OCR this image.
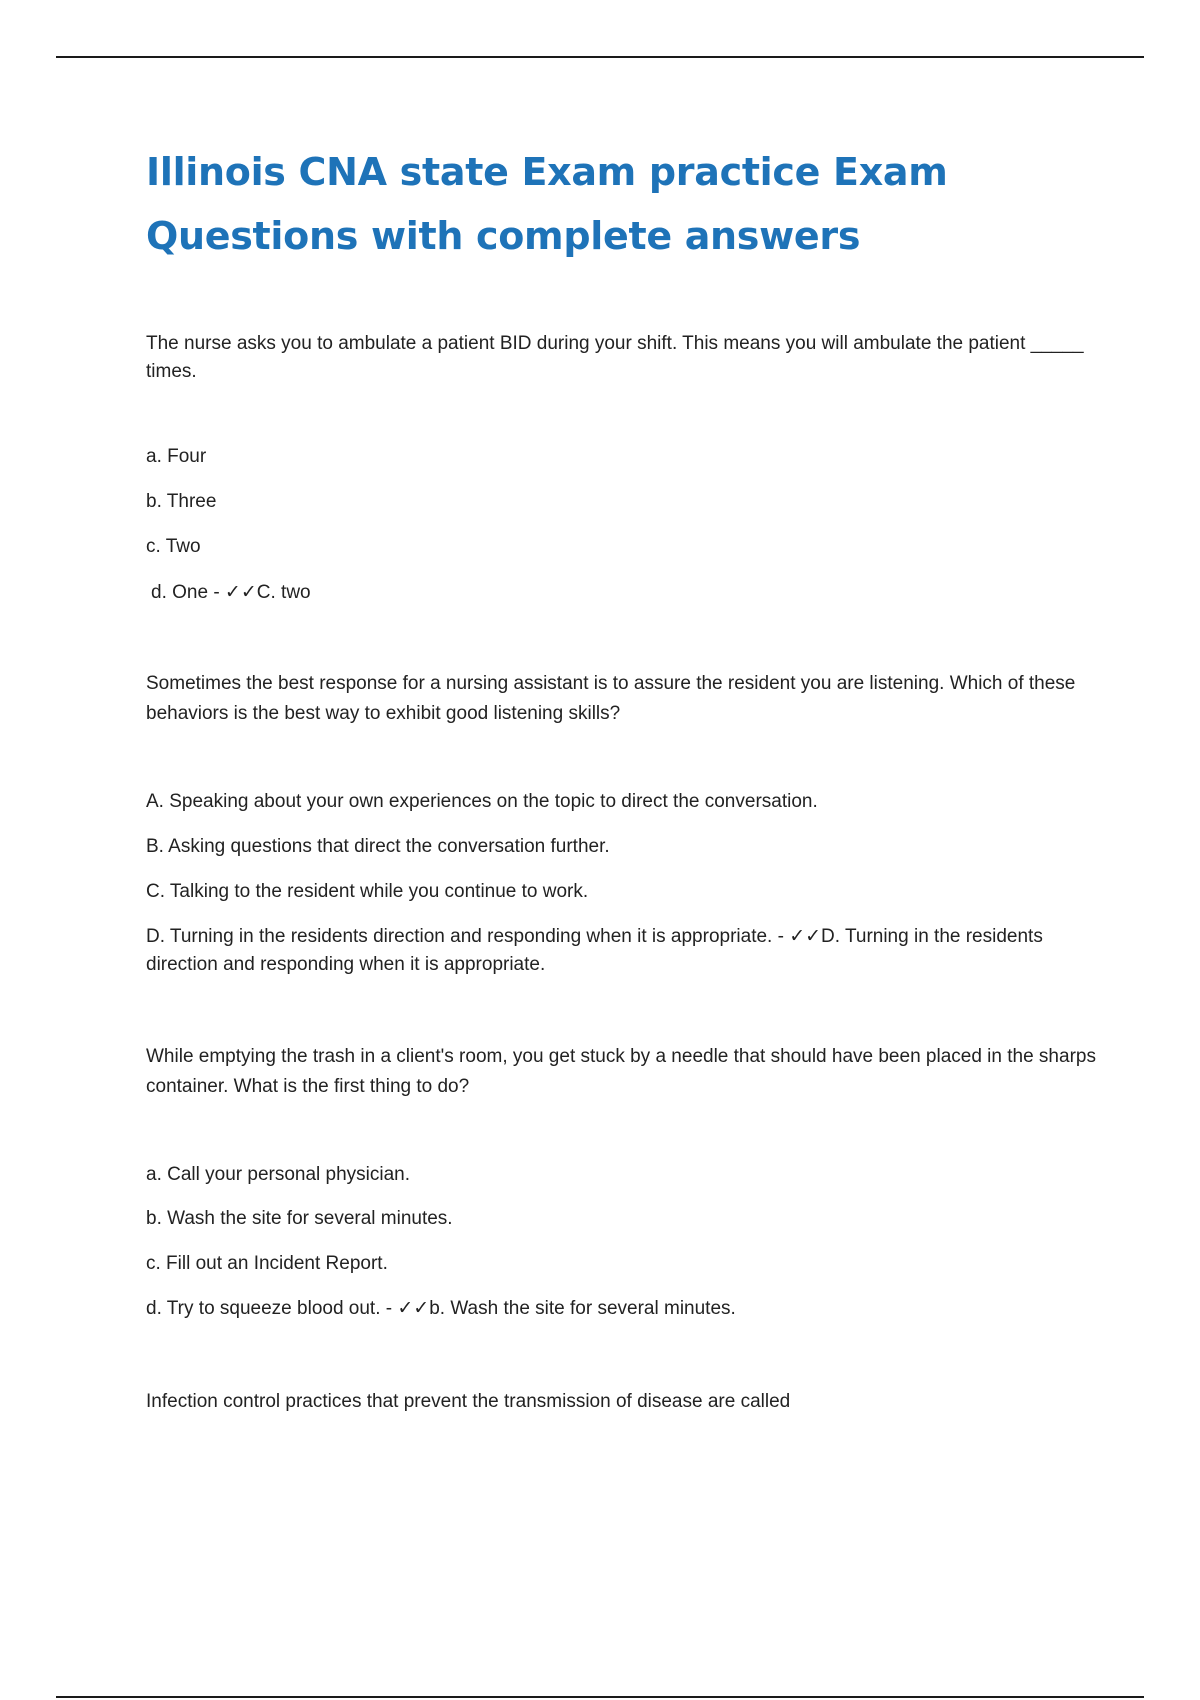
Illinois CNA state Exam practice Exam
Questions with complete answers

The nurse asks you to ambulate a patient BID during your shift. This means you will ambulate the patient _____ times.

a. Four
b. Three
c. Two
d. One - ✓✓C. two

Sometimes the best response for a nursing assistant is to assure the resident you are listening. Which of these behaviors is the best way to exhibit good listening skills?

A. Speaking about your own experiences on the topic to direct the conversation.
B. Asking questions that direct the conversation further.
C. Talking to the resident while you continue to work.
D. Turning in the residents direction and responding when it is appropriate. - ✓✓D. Turning in the residents direction and responding when it is appropriate.

While emptying the trash in a client's room, you get stuck by a needle that should have been placed in the sharps container. What is the first thing to do?

a. Call your personal physician.
b. Wash the site for several minutes.
c. Fill out an Incident Report.
d. Try to squeeze blood out. - ✓✓b. Wash the site for several minutes.

Infection control practices that prevent the transmission of disease are called
